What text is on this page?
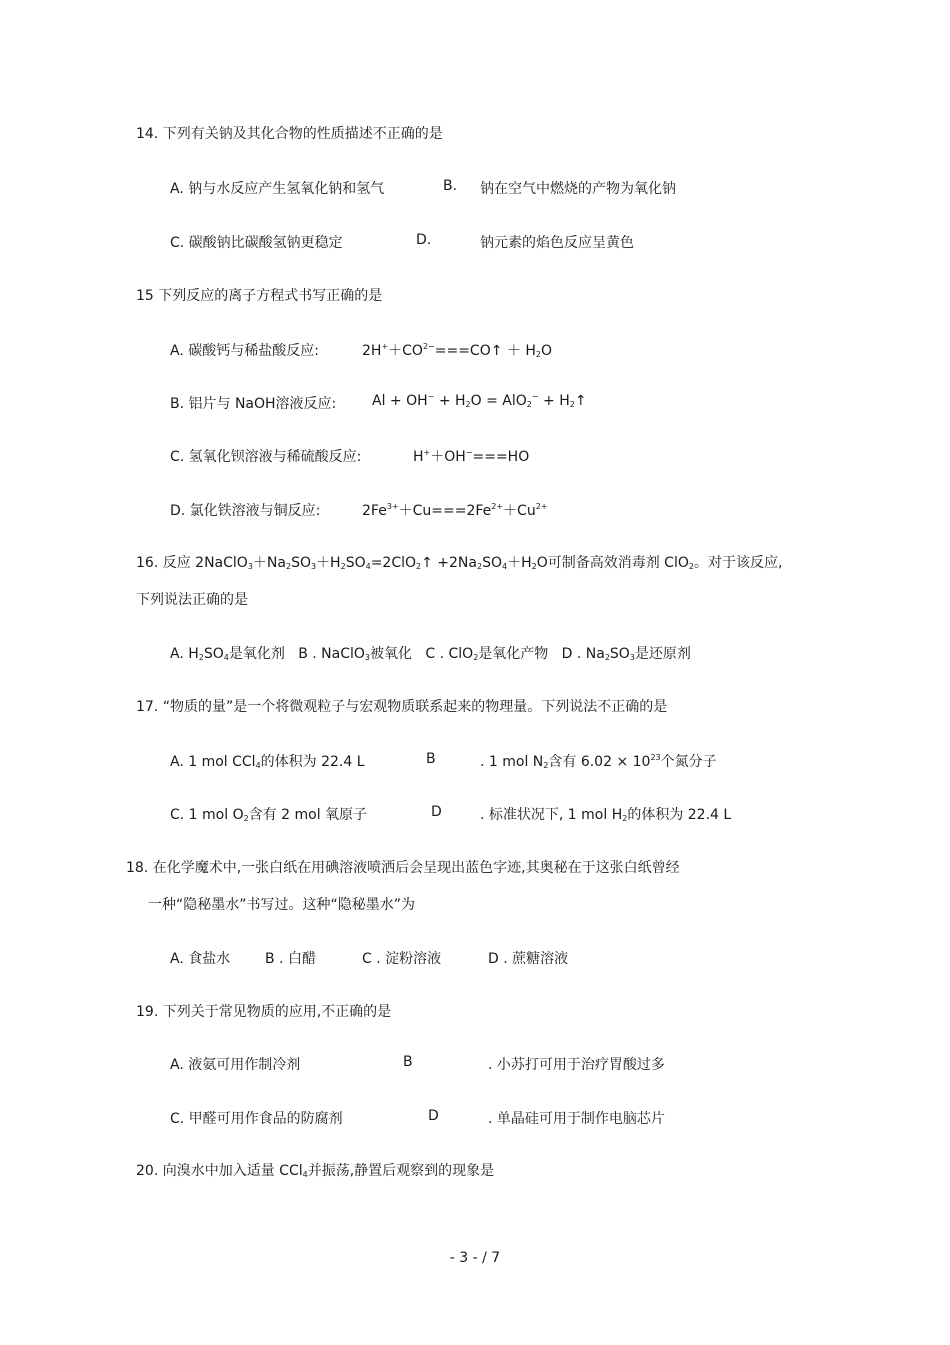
14. 下列有关钠及其化合物的性质描述不正确的是
A. 钠与水反应产生氢氧化钠和氢气	B. 钠在空气中燃烧的产物为氧化钠
C. 碳酸钠比碳酸氢钠更稳定	D.	钠元素的焰色反应呈黄色
15 下列反应的离子方程式书写正确的是
A. 碳酸钙与稀盐酸反应:	$2H^++CO^{2-}===CO↑ + H_2O$
B. 铝片与 NaOH溶液反应:	$Al + OH^- + H_2O = AlO_2^-$ + $H_2↑$
C. 氢氧化钡溶液与稀硫酸反应:	H+＋OH−===HO
D. 氯化铁溶液与铜反应:	$2Fe^{3+}+Cu===2Fe^{2+}+Cu^{2+}$
16. 反应 $2NaClO_3+Na_2SO_3+H_2SO_4=2ClO_2↑ +2Na_2SO_4+H_2O$可制备高效消毒剂 ClO$_2$。对于该反应,
下列说法正确的是
A. $H_2SO_4$是氧化剂 B . NaClO$_3$被氧化 C . ClO$_2$是氧化产物 D . $Na_2SO_3$是还原剂
17. “物质的量”是一个将微观粒子与宏观物质联系起来的物理量。下列说法不正确的是
A. 1 mol CCl$_4$的体积为 22.4 L	B	. 1 mol $N_2$含有 $6.02 \times 10^{23}$个氮分子
C. 1 mol $O_2$含有 2 mol 氧原子	D	. 标准状况下, 1 mol $H_2$的体积为 22.4 L
18. 在化学魔术中,一张白纸在用碘溶液喷洒后会呈现出蓝色字迹,其奥秘在于这张白纸曾经
一种“隐秘墨水”书写过。这种“隐秘墨水”为
A. 食盐水 B . 白醋	C . 淀粉溶液	D . 蔗糖溶液
19. 下列关于常见物质的应用,不正确的是
A. 液氨可用作制冷剂	B	. 小苏打可用于治疗胃酸过多
C. 甲醛可用作食品的防腐剂	D	. 单晶硅可用于制作电脑芯片
20. 向溴水中加入适量 CCl$_4$并振荡,静置后观察到的现象是
- 3 - / 7
